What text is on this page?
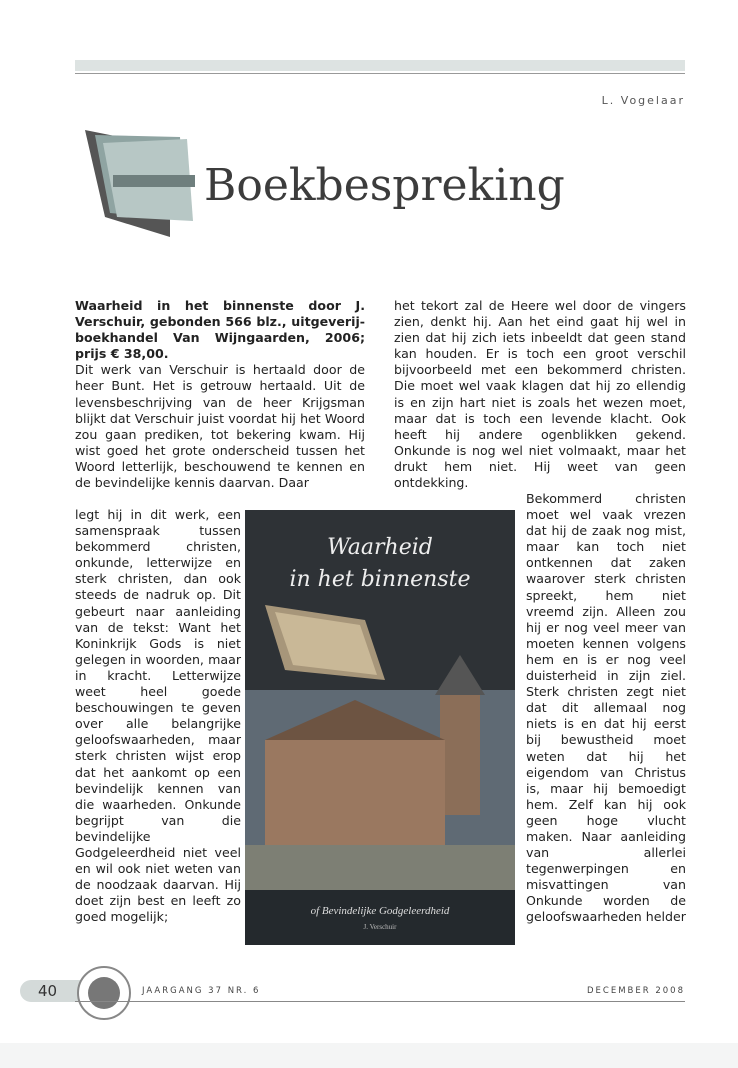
L. Vogelaar
Boekbespreking

Waarheid in het binnenste door J. Verschuir, gebonden 566 blz., uitgeverij-boekhandel Van Wijngaarden, 2006; prijs € 38,00.

Dit werk van Verschuir is hertaald door de heer Bunt. Het is getrouw hertaald. Uit de levensbeschrijving van de heer Krijgsman blijkt dat Verschuir juist voordat hij het Woord zou gaan prediken, tot bekering kwam. Hij wist goed het grote onderscheid tussen het Woord letterlijk, beschouwend te kennen en de bevindelijke kennis daarvan. Daar

legt hij in dit werk, een samenspraak tussen bekommerd christen, onkunde, letterwijze en sterk christen, dan ook steeds de nadruk op. Dit gebeurt naar aanleiding van de tekst: Want het Koninkrijk Gods is niet gelegen in woorden, maar in kracht. Letterwijze weet heel goede beschouwingen te geven over alle belangrijke geloofswaarheden, maar sterk christen wijst erop dat het aankomt op een bevindelijk kennen van die waarheden. Onkunde begrijpt van die bevindelijke Godgeleerdheid niet veel en wil ook niet weten van de noodzaak daarvan. Hij doet zijn best en leeft zo goed mogelijk;
het tekort zal de Heere wel door de vingers zien, denkt hij. Aan het eind gaat hij wel in zien dat hij zich iets inbeeldt dat geen stand kan houden. Er is toch een groot verschil bijvoorbeeld met een bekommerd christen. Die moet wel vaak klagen dat hij zo ellendig is en zijn hart niet is zoals het wezen moet, maar dat is toch een levende klacht. Ook heeft hij andere ogenblikken gekend. Onkunde is nog wel niet volmaakt, maar het drukt hem niet. Hij weet van geen ontdekking.
Bekommerd christen moet wel vaak vrezen dat hij de zaak nog mist, maar kan toch niet ontkennen dat zaken waarover sterk christen spreekt, hem niet vreemd zijn. Alleen zou hij er nog veel meer van moeten kennen volgens hem en is er nog veel duisterheid in zijn ziel. Sterk christen zegt niet dat dit allemaal nog niets is en dat hij eerst bij bewustheid moet weten dat hij het eigendom van Christus is, maar hij bemoedigt hem. Zelf kan hij ook geen hoge vlucht maken. Naar aanleiding van allerlei tegenwerpingen en misvattingen van Onkunde worden de geloofswaarheden helder
Waarheid
in het binnenste
of Bevindelijke Godgeleerdheid
J. Verschuir
40	JAARGANG 37 NR. 6	DECEMBER 2008
